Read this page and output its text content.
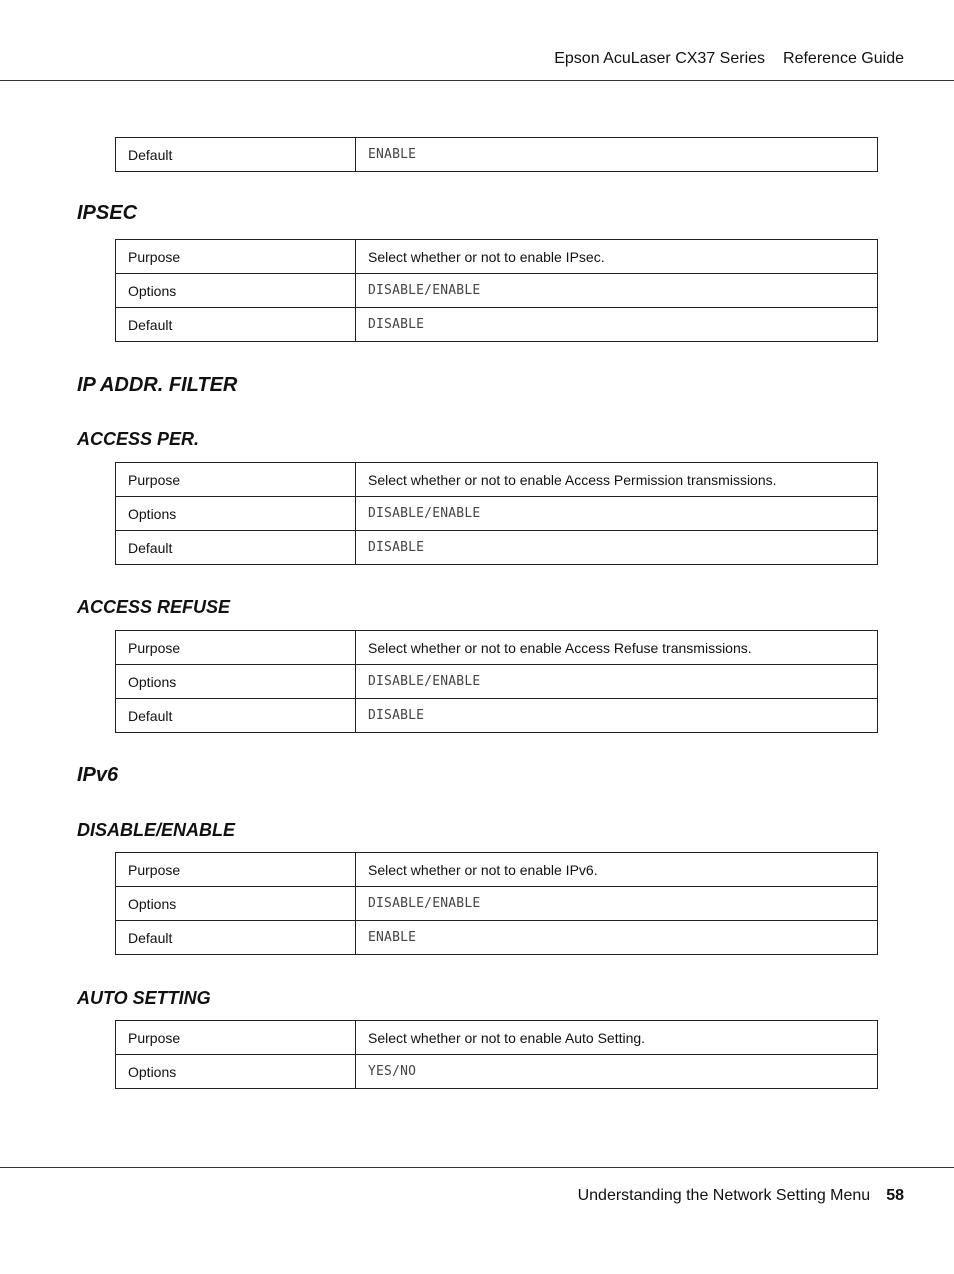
Epson AcuLaser CX37 Series Reference Guide
Default	ENABLE
IPSEC
Purpose	Select whether or not to enable IPsec.
Options	DISABLE/ENABLE
Default	DISABLE
IP ADDR. FILTER
ACCESS PER.
Purpose	Select whether or not to enable Access Permission transmissions.
Options	DISABLE/ENABLE
Default	DISABLE
ACCESS REFUSE
Purpose	Select whether or not to enable Access Refuse transmissions.
Options	DISABLE/ENABLE
Default	DISABLE
IPv6
DISABLE/ENABLE
Purpose	Select whether or not to enable IPv6.
Options	DISABLE/ENABLE
Default	ENABLE
AUTO SETTING
Purpose	Select whether or not to enable Auto Setting.
Options	YES/NO
Understanding the Network Setting Menu 58
